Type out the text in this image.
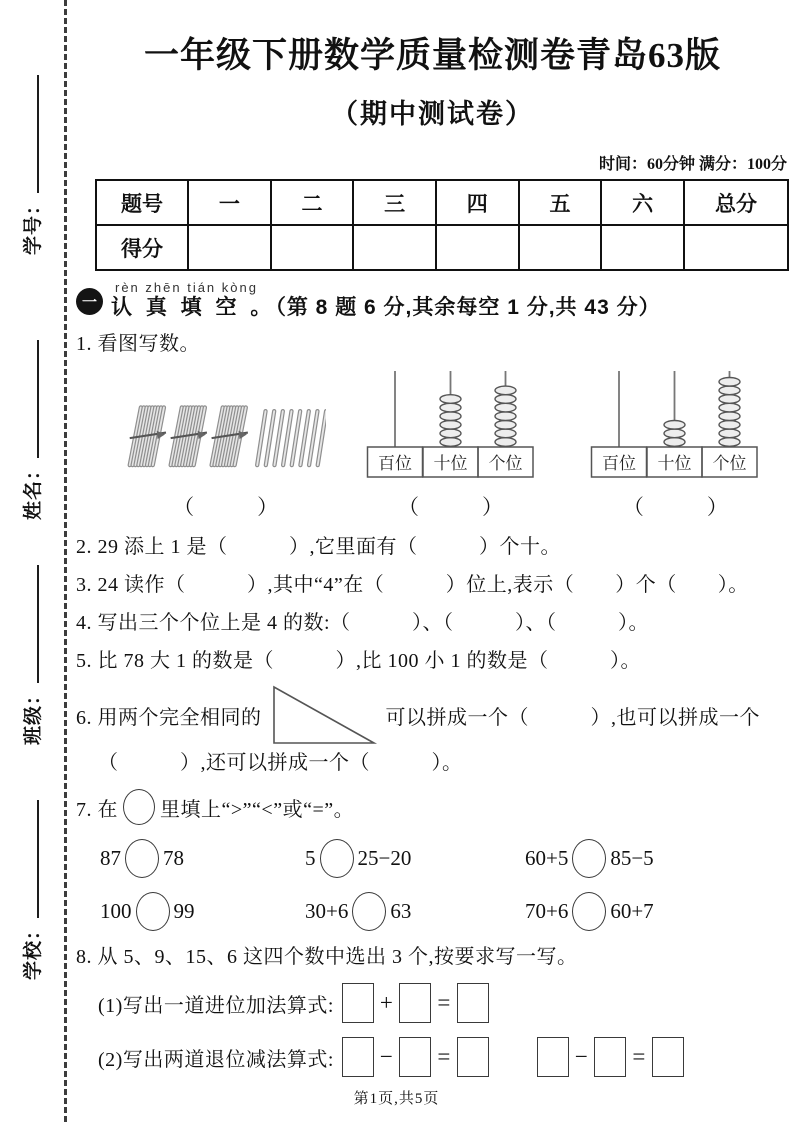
学号：
姓名：
班级：
学校：
一年级下册数学质量检测卷青岛63版
（期中测试卷）
时间：60分钟 满分：100分
题号	一	二	三	四	五	六	总分
得分							
一
rèn zhēn tián kòng
认 真 填 空 。（第 8 题 6 分,其余每空 1 分,共 43 分）
1. 看图写数。
（　　　）
百位 十位 个位
（　　　）
百位 十位 个位
（　　　）
2. 29 添上 1 是（　　　）,它里面有（　　　）个十。
3. 24 读作（　　　）,其中“4”在（　　　）位上,表示（　　）个（　　）。
4. 写出三个个位上是 4 的数:（　　　）、（　　　）、（　　　）。
5. 比 78 大 1 的数是（　　　）,比 100 小 1 的数是（　　　）。
6. 用两个完全相同的	可以拼成一个（　　　）,也可以拼成一个
（　　　）,还可以拼成一个（　　　）。
7. 在 里填上“>”“<”或“=”。
87 78	5 25−20	60+5 85−5
100 99	30+6 63	70+6 60+7
8. 从 5、9、15、6 这四个数中选出 3 个,按要求写一写。
(1)写出一道进位加法算式: + =
(2)写出两道退位减法算式: − =	− =
第1页,共5页
